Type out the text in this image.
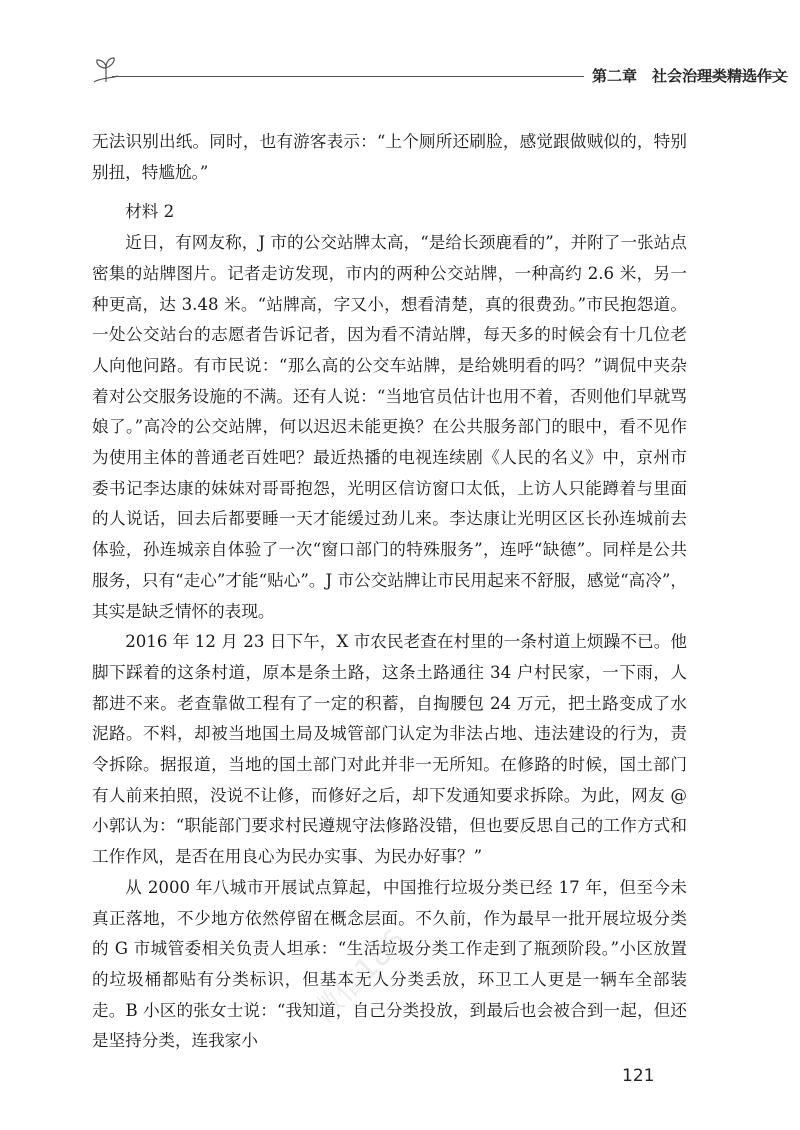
第二章　社会治理类精选作文

无法识别出纸。同时，也有游客表示：“上个厕所还刷脸，感觉跟做贼似的，特别别扭，特尴尬。”

材料 2

近日，有网友称，J 市的公交站牌太高，“是给长颈鹿看的”，并附了一张站点密集的站牌图片。记者走访发现，市内的两种公交站牌，一种高约 2.6 米，另一种更高，达 3.48 米。“站牌高，字又小，想看清楚，真的很费劲。”市民抱怨道。一处公交站台的志愿者告诉记者，因为看不清站牌，每天多的时候会有十几位老人向他问路。有市民说：“那么高的公交车站牌，是给姚明看的吗？”调侃中夹杂着对公交服务设施的不满。还有人说：“当地官员估计也用不着，否则他们早就骂娘了。”高冷的公交站牌，何以迟迟未能更换？在公共服务部门的眼中，看不见作为使用主体的普通老百姓吧？最近热播的电视连续剧《人民的名义》中，京州市委书记李达康的妹妹对哥哥抱怨，光明区信访窗口太低，上访人只能蹲着与里面的人说话，回去后都要睡一天才能缓过劲儿来。李达康让光明区区长孙连城前去体验，孙连城亲自体验了一次“窗口部门的特殊服务”，连呼“缺德”。同样是公共服务，只有“走心”才能“贴心”。J 市公交站牌让市民用起来不舒服，感觉“高冷”，其实是缺乏情怀的表现。

2016 年 12 月 23 日下午，X 市农民老查在村里的一条村道上烦躁不已。他脚下踩着的这条村道，原本是条土路，这条土路通往 34 户村民家，一下雨，人都进不来。老查靠做工程有了一定的积蓄，自掏腰包 24 万元，把土路变成了水泥路。不料，却被当地国土局及城管部门认定为非法占地、违法建设的行为，责令拆除。据报道，当地的国土部门对此并非一无所知。在修路的时候，国土部门有人前来拍照，没说不让修，而修好之后，却下发通知要求拆除。为此，网友 @ 小郭认为：“职能部门要求村民遵规守法修路没错，但也要反思自己的工作方式和工作作风，是否在用良心为民办实事、为民办好事？”

从 2000 年八城市开展试点算起，中国推行垃圾分类已经 17 年，但至今未真正落地，不少地方依然停留在概念层面。不久前，作为最早一批开展垃圾分类的 G 市城管委相关负责人坦承：“生活垃圾分类工作走到了瓶颈阶段。”小区放置的垃圾桶都贴有分类标识，但基本无人分类丢放，环卫工人更是一辆车全部装走。B 小区的张女士说：“我知道，自己分类投放，到最后也会被合到一起，但还是坚持分类，连我家小

微信186
121
